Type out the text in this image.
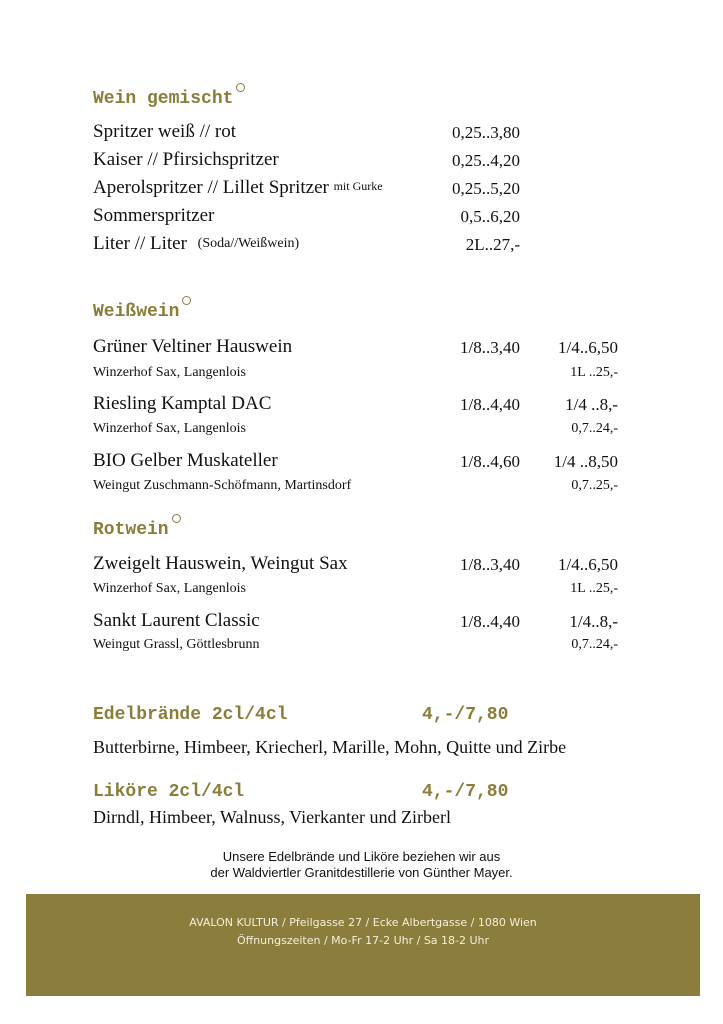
Wein gemischt
Spritzer weiß // rot	0,25..3,80
Kaiser // Pfirsichspritzer	0,25..4,20
Aperolspritzer // Lillet Spritzer mit Gurke	0,25..5,20
Sommerspritzer	0,5..6,20
Liter // Liter (Soda//Weißwein)	2L..27,-
Weißwein
Grüner Veltiner Hauswein	1/8..3,40	1/4..6,50
Winzerhof Sax, Langenlois	1L ..25,-
Riesling Kamptal DAC	1/8..4,40	1/4 ..8,-
Winzerhof Sax, Langenlois	0,7..24,-
BIO Gelber Muskateller	1/8..4,60	1/4 ..8,50
Weingut Zuschmann-Schöfmann, Martinsdorf	0,7..25,-
Rotwein
Zweigelt Hauswein, Weingut Sax	1/8..3,40	1/4..6,50
Winzerhof Sax, Langenlois	1L ..25,-
Sankt Laurent Classic	1/8..4,40	1/4..8,-
Weingut Grassl, Göttlesbrunn	0,7..24,-
Edelbrände 2cl/4cl	4,-/7,80
Butterbirne, Himbeer, Kriecherl, Marille, Mohn, Quitte und Zirbe
Liköre 2cl/4cl	4,-/7,80
Dirndl, Himbeer, Walnuss, Vierkanter und Zirberl
Unsere Edelbrände und Liköre beziehen wir aus
der Waldviertler Granitdestillerie von Günther Mayer.
AVALON KULTUR / Pfeilgasse 27 / Ecke Albertgasse / 1080 Wien
Öffnungszeiten / Mo-Fr 17-2 Uhr / Sa 18-2 Uhr
